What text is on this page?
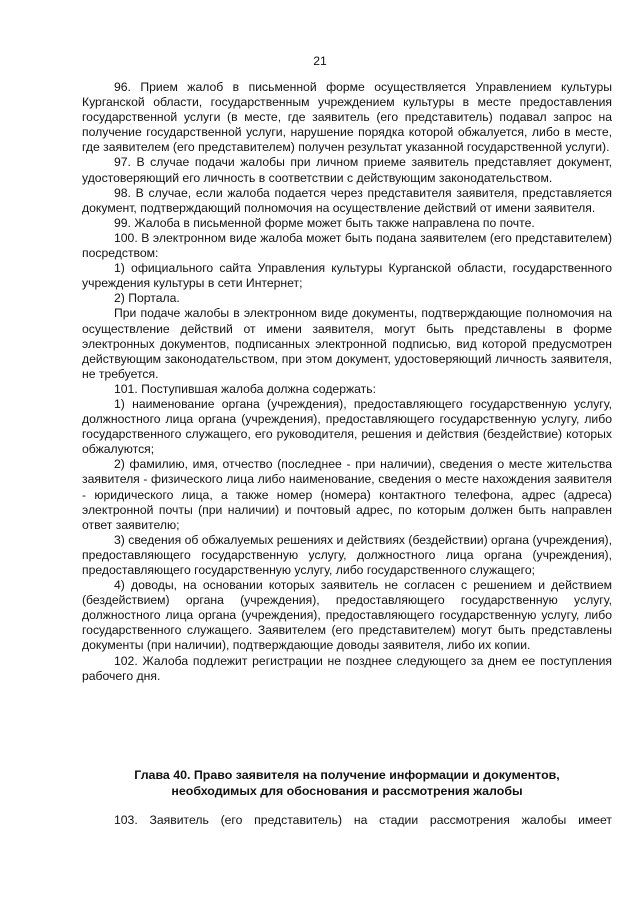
21

96. Прием жалоб в письменной форме осуществляется Управлением культуры Курганской области, государственным учреждением культуры в месте предоставления государственной услуги (в месте, где заявитель (его представитель) подавал запрос на получение государственной услуги, нарушение порядка которой обжалуется, либо в месте, где заявителем (его представителем) получен результат указанной государственной услуги).

97. В случае подачи жалобы при личном приеме заявитель представляет документ, удостоверяющий его личность в соответствии с действующим законодательством.

98. В случае, если жалоба подается через представителя заявителя, представляется документ, подтверждающий полномочия на осуществление действий от имени заявителя.

99. Жалоба в письменной форме может быть также направлена по почте.

100. В электронном виде жалоба может быть подана заявителем (его представителем) посредством:

1) официального сайта Управления культуры Курганской области, государственного учреждения культуры в сети Интернет;

2) Портала.

При подаче жалобы в электронном виде документы, подтверждающие полномочия на осуществление действий от имени заявителя, могут быть представлены в форме электронных документов, подписанных электронной подписью, вид которой предусмотрен действующим законодательством, при этом документ, удостоверяющий личность заявителя, не требуется.

101. Поступившая жалоба должна содержать:

1) наименование органа (учреждения), предоставляющего государственную услугу, должностного лица органа (учреждения), предоставляющего государственную услугу, либо государственного служащего, его руководителя, решения и действия (бездействие) которых обжалуются;

2) фамилию, имя, отчество (последнее - при наличии), сведения о месте жительства заявителя - физического лица либо наименование, сведения о месте нахождения заявителя - юридического лица, а также номер (номера) контактного телефона, адрес (адреса) электронной почты (при наличии) и почтовый адрес, по которым должен быть направлен ответ заявителю;

3) сведения об обжалуемых решениях и действиях (бездействии) органа (учреждения), предоставляющего государственную услугу, должностного лица органа (учреждения), предоставляющего государственную услугу, либо государственного служащего;

4) доводы, на основании которых заявитель не согласен с решением и действием (бездействием) органа (учреждения), предоставляющего государственную услугу, должностного лица органа (учреждения), предоставляющего государственную услугу, либо государственного служащего. Заявителем (его представителем) могут быть представлены документы (при наличии), подтверждающие доводы заявителя, либо их копии.

102. Жалоба подлежит регистрации не позднее следующего за днем ее поступления рабочего дня.

Глава 40. Право заявителя на получение информации и документов,
необходимых для обоснования и рассмотрения жалобы

103. Заявитель (его представитель) на стадии рассмотрения жалобы имеет
